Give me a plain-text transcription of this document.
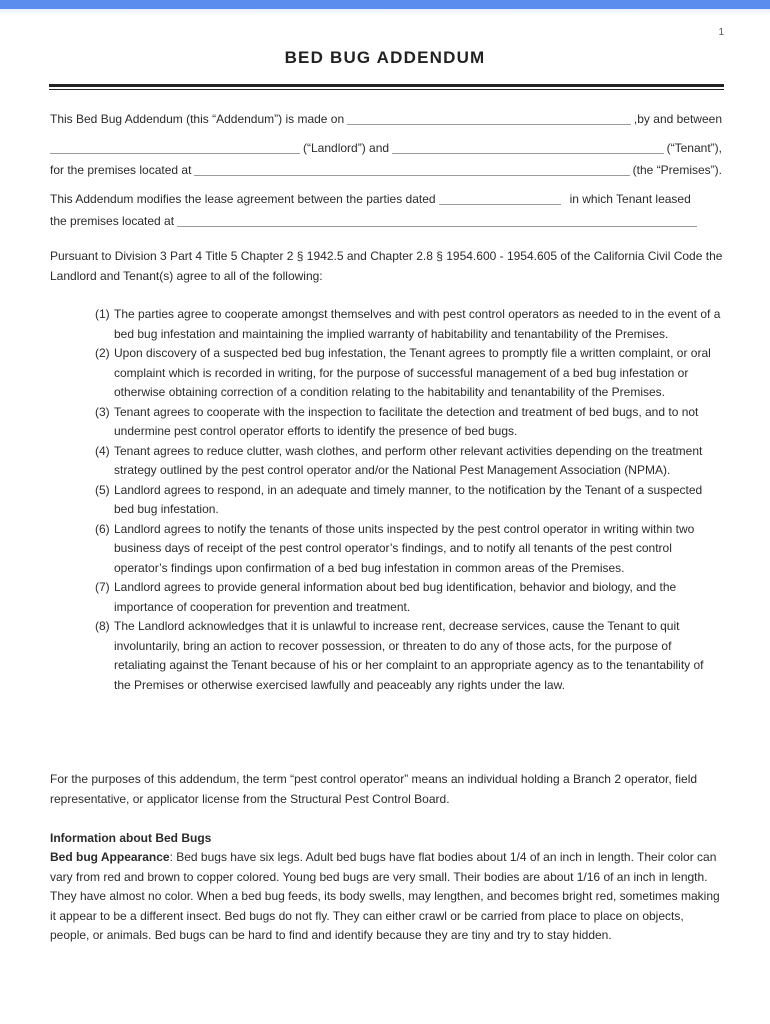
1
BED BUG ADDENDUM
This Bed Bug Addendum (this “Addendum”) is made on	,by and between
(“Landlord”) and	(“Tenant”),
for the premises located at	(the “Premises”).
This Addendum modifies the lease agreement between the parties dated	in which Tenant leased
the premises located at
Pursuant to Division 3 Part 4 Title 5 Chapter 2 § 1942.5 and Chapter 2.8 § 1954.600 - 1954.605 of the California Civil Code the Landlord and Tenant(s) agree to all of the following:
(1) The parties agree to cooperate amongst themselves and with pest control operators as needed to in the event of a bed bug infestation and maintaining the implied warranty of habitability and tenantability of the Premises.
(2) Upon discovery of a suspected bed bug infestation, the Tenant agrees to promptly file a written complaint, or oral complaint which is recorded in writing, for the purpose of successful management of a bed bug infestation or otherwise obtaining correction of a condition relating to the habitability and tenantability of the Premises.
(3) Tenant agrees to cooperate with the inspection to facilitate the detection and treatment of bed bugs, and to not undermine pest control operator efforts to identify the presence of bed bugs.
(4) Tenant agrees to reduce clutter, wash clothes, and perform other relevant activities depending on the treatment strategy outlined by the pest control operator and/or the National Pest Management Association (NPMA).
(5) Landlord agrees to respond, in an adequate and timely manner, to the notification by the Tenant of a suspected bed bug infestation.
(6) Landlord agrees to notify the tenants of those units inspected by the pest control operator in writing within two business days of receipt of the pest control operator’s findings, and to notify all tenants of the pest control operator’s findings upon confirmation of a bed bug infestation in common areas of the Premises.
(7) Landlord agrees to provide general information about bed bug identification, behavior and biology, and the importance of cooperation for prevention and treatment.
(8) The Landlord acknowledges that it is unlawful to increase rent, decrease services, cause the Tenant to quit involuntarily, bring an action to recover possession, or threaten to do any of those acts, for the purpose of retaliating against the Tenant because of his or her complaint to an appropriate agency as to the tenantability of the Premises or otherwise exercised lawfully and peaceably any rights under the law.
For the purposes of this addendum, the term “pest control operator” means an individual holding a Branch 2 operator, field representative, or applicator license from the Structural Pest Control Board.
Information about Bed Bugs
Bed bug Appearance: Bed bugs have six legs. Adult bed bugs have flat bodies about 1/4 of an inch in length. Their color can vary from red and brown to copper colored. Young bed bugs are very small. Their bodies are about 1/16 of an inch in length. They have almost no color. When a bed bug feeds, its body swells, may lengthen, and becomes bright red, sometimes making it appear to be a different insect. Bed bugs do not fly. They can either crawl or be carried from place to place on objects, people, or animals. Bed bugs can be hard to find and identify because they are tiny and try to stay hidden.
